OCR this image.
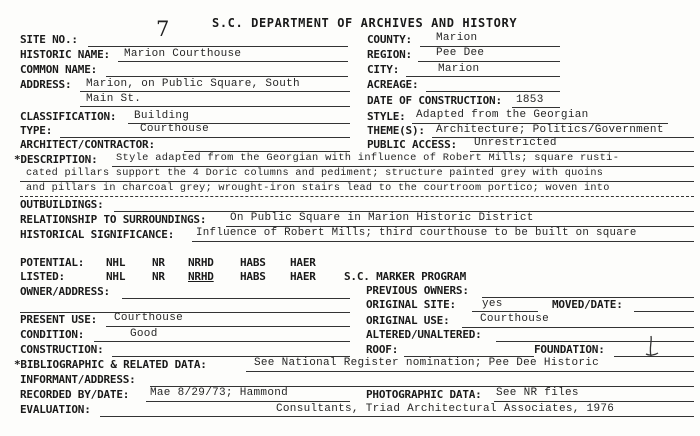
S.C. DEPARTMENT OF ARCHIVES AND HISTORY
SITE NO.:	7	COUNTY: Marion
HISTORIC NAME: Marion Courthouse	REGION: Pee Dee
COMMON NAME:	CITY:	Marion
ADDRESS: Marion, on Public Square, South	ACREAGE:
Main St.	DATE OF CONSTRUCTION: 1853
CLASSIFICATION: Building	STYLE: Adapted from the Georgian
TYPE:	Courthouse	THEME(S): Architecture; Politics/Government
ARCHITECT/CONTRACTOR:	PUBLIC ACCESS: Unrestricted
*DESCRIPTION: Style adapted from the Georgian with influence of Robert Mills; square rusti-
cated pillars support the 4 Doric columns and pediment; structure painted grey with quoins
and pillars in charcoal grey; wrought-iron stairs lead to the courtroom portico; woven into
OUTBUILDINGS:
RELATIONSHIP TO SURROUNDINGS: On Public Square in Marion Historic District
HISTORICAL SIGNIFICANCE: Influence of Robert Mills; third courthouse to be built on square
POTENTIAL: NHL NR NRHD HABS HAER
LISTED:	NHL NR NRHD HABS HAER	S.C. MARKER PROGRAM
OWNER/ADDRESS:	PREVIOUS OWNERS:
ORIGINAL SITE: yes	MOVED/DATE:
PRESENT USE: Courthouse	ORIGINAL USE:	Courthouse
CONDITION:	Good	ALTERED/UNALTERED:
CONSTRUCTION:	ROOF:	FOUNDATION:
*BIBLIOGRAPHIC & RELATED DATA:	See National Register nomination; Pee Dee Historic
INFORMANT/ADDRESS:
RECORDED BY/DATE: Mae 8/29/73; Hammond	PHOTOGRAPHIC DATA: See NR files
EVALUATION:	Consultants, Triad Architectural Associates, 1976
